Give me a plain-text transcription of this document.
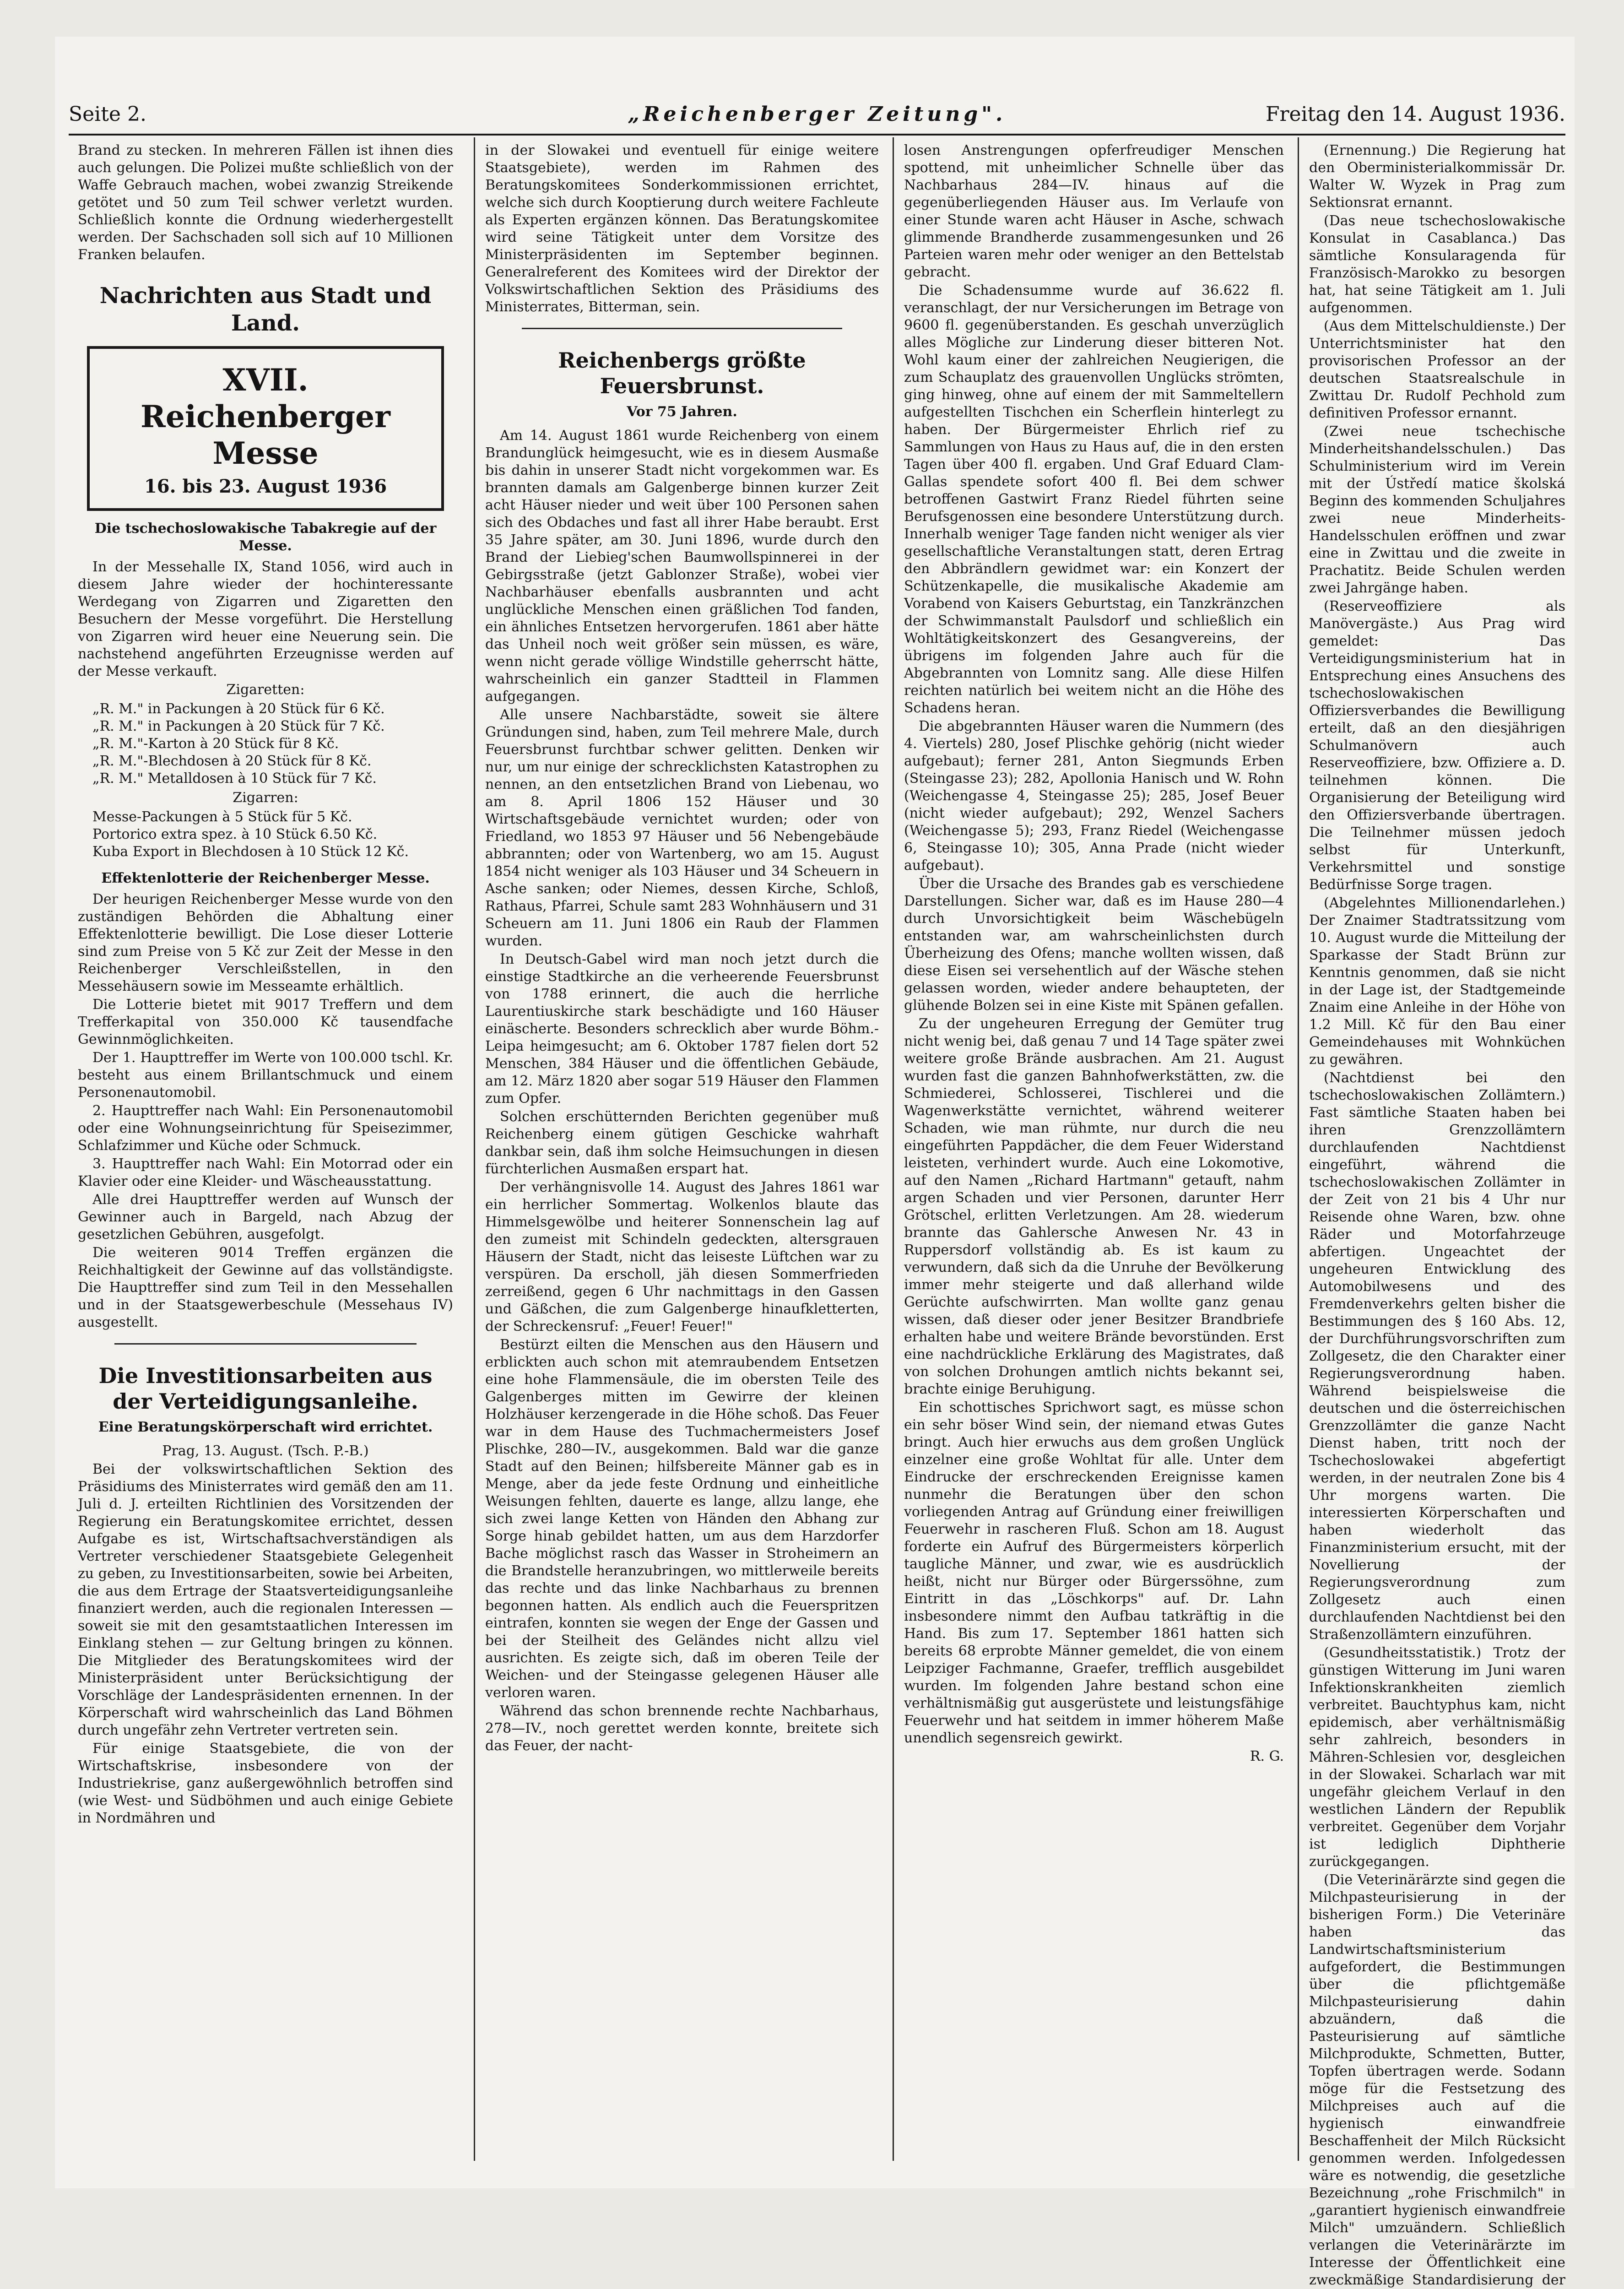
Seite 2.	„Reichenberger Zeitung".	Freitag den 14. August 1936.

Brand zu stecken. In mehreren Fällen ist ihnen dies auch gelungen. Die Polizei mußte schließlich von der Waffe Gebrauch machen, wobei zwanzig Streikende getötet und 50 zum Teil schwer verletzt wurden. Schließlich konnte die Ordnung wiederhergestellt werden. Der Sachschaden soll sich auf 10 Millionen Franken belaufen.

Nachrichten aus Stadt und Land.
XVII. Reichenberger Messe
16. bis 23. August 1936
Die tschechoslowakische Tabakregie auf der Messe.

In der Messehalle IX, Stand 1056, wird auch in diesem Jahre wieder der hochinteressante Werdegang von Zigarren und Zigaretten den Besuchern der Messe vorgeführt. Die Herstellung von Zigarren wird heuer eine Neuerung sein. Die nachstehend angeführten Erzeugnisse werden auf der Messe verkauft.

Zigaretten:

„R. M." in Packungen à 20 Stück für 6 Kč.
„R. M." in Packungen à 20 Stück für 7 Kč.
„R. M."-Karton à 20 Stück für 8 Kč.
„R. M."-Blechdosen à 20 Stück für 8 Kč.
„R. M." Metalldosen à 10 Stück für 7 Kč.

Zigarren:

Messe-Packungen à 5 Stück für 5 Kč.
Portorico extra spez. à 10 Stück 6.50 Kč.
Kuba Export in Blechdosen à 10 Stück 12 Kč.
Effektenlotterie der Reichenberger Messe.

Der heurigen Reichenberger Messe wurde von den zuständigen Behörden die Abhaltung einer Effektenlotterie bewilligt. Die Lose dieser Lotterie sind zum Preise von 5 Kč zur Zeit der Messe in den Reichenberger Verschleißstellen, in den Messehäusern sowie im Messeamte erhältlich.

Die Lotterie bietet mit 9017 Treffern und dem Trefferkapital von 350.000 Kč tausendfache Gewinnmöglichkeiten.

Der 1. Haupttreffer im Werte von 100.000 tschl. Kr. besteht aus einem Brillantschmuck und einem Personenautomobil.

2. Haupttreffer nach Wahl: Ein Personenautomobil oder eine Wohnungseinrichtung für Speisezimmer, Schlafzimmer und Küche oder Schmuck.

3. Haupttreffer nach Wahl: Ein Motorrad oder ein Klavier oder eine Kleider- und Wäscheausstattung.

Alle drei Haupttreffer werden auf Wunsch der Gewinner auch in Bargeld, nach Abzug der gesetzlichen Gebühren, ausgefolgt.

Die weiteren 9014 Treffen ergänzen die Reichhaltigkeit der Gewinne auf das vollständigste. Die Haupttreffer sind zum Teil in den Messehallen und in der Staatsgewerbeschule (Messehaus IV) ausgestellt.

Die Investitionsarbeiten aus der Verteidigungsanleihe.
Eine Beratungskörperschaft wird errichtet.

Prag, 13. August. (Tsch. P.-B.)

Bei der volkswirtschaftlichen Sektion des Präsidiums des Ministerrates wird gemäß den am 11. Juli d. J. erteilten Richtlinien des Vorsitzenden der Regierung ein Beratungskomitee errichtet, dessen Aufgabe es ist, Wirtschaftsachverständigen als Vertreter verschiedener Staatsgebiete Gelegenheit zu geben, zu Investitionsarbeiten, sowie bei Arbeiten, die aus dem Ertrage der Staatsverteidigungsanleihe finanziert werden, auch die regionalen Interessen — soweit sie mit den gesamtstaatlichen Interessen im Einklang stehen — zur Geltung bringen zu können. Die Mitglieder des Beratungskomitees wird der Ministerpräsident unter Berücksichtigung der Vorschläge der Landespräsidenten ernennen. In der Körperschaft wird wahrscheinlich das Land Böhmen durch ungefähr zehn Vertreter vertreten sein.

Für einige Staatsgebiete, die von der Wirtschaftskrise, insbesondere von der Industriekrise, ganz außergewöhnlich betroffen sind (wie West- und Südböhmen und auch einige Gebiete in Nordmähren und

in der Slowakei und eventuell für einige weitere Staatsgebiete), werden im Rahmen des Beratungskomitees Sonderkommissionen errichtet, welche sich durch Kooptierung durch weitere Fachleute als Experten ergänzen können. Das Beratungskomitee wird seine Tätigkeit unter dem Vorsitze des Ministerpräsidenten im September beginnen. Generalreferent des Komitees wird der Direktor der Volkswirtschaftlichen Sektion des Präsidiums des Ministerrates, Bitterman, sein.

Reichenbergs größte Feuersbrunst.
Vor 75 Jahren.

Am 14. August 1861 wurde Reichenberg von einem Brandunglück heimgesucht, wie es in diesem Ausmaße bis dahin in unserer Stadt nicht vorgekommen war. Es brannten damals am Galgenberge binnen kurzer Zeit acht Häuser nieder und weit über 100 Personen sahen sich des Obdaches und fast all ihrer Habe beraubt. Erst 35 Jahre später, am 30. Juni 1896, wurde durch den Brand der Liebieg'schen Baumwollspinnerei in der Gebirgsstraße (jetzt Gablonzer Straße), wobei vier Nachbarhäuser ebenfalls ausbrannten und acht unglückliche Menschen einen gräßlichen Tod fanden, ein ähnliches Entsetzen hervorgerufen. 1861 aber hätte das Unheil noch weit größer sein müssen, es wäre, wenn nicht gerade völlige Windstille geherrscht hätte, wahrscheinlich ein ganzer Stadtteil in Flammen aufgegangen.

Alle unsere Nachbarstädte, soweit sie ältere Gründungen sind, haben, zum Teil mehrere Male, durch Feuersbrunst furchtbar schwer gelitten. Denken wir nur, um nur einige der schrecklichsten Katastrophen zu nennen, an den entsetzlichen Brand von Liebenau, wo am 8. April 1806 152 Häuser und 30 Wirtschaftsgebäude vernichtet wurden; oder von Friedland, wo 1853 97 Häuser und 56 Nebengebäude abbrannten; oder von Wartenberg, wo am 15. August 1854 nicht weniger als 103 Häuser und 34 Scheuern in Asche sanken; oder Niemes, dessen Kirche, Schloß, Rathaus, Pfarrei, Schule samt 283 Wohnhäusern und 31 Scheuern am 11. Juni 1806 ein Raub der Flammen wurden.

In Deutsch-Gabel wird man noch jetzt durch die einstige Stadtkirche an die verheerende Feuersbrunst von 1788 erinnert, die auch die herrliche Laurentiuskirche stark beschädigte und 160 Häuser einäscherte. Besonders schrecklich aber wurde Böhm.-Leipa heimgesucht; am 6. Oktober 1787 fielen dort 52 Menschen, 384 Häuser und die öffentlichen Gebäude, am 12. März 1820 aber sogar 519 Häuser den Flammen zum Opfer.

Solchen erschütternden Berichten gegenüber muß Reichenberg einem gütigen Geschicke wahrhaft dankbar sein, daß ihm solche Heimsuchungen in diesen fürchterlichen Ausmaßen erspart hat.

Der verhängnisvolle 14. August des Jahres 1861 war ein herrlicher Sommertag. Wolkenlos blaute das Himmelsgewölbe und heiterer Sonnenschein lag auf den zumeist mit Schindeln gedeckten, altersgrauen Häusern der Stadt, nicht das leiseste Lüftchen war zu verspüren. Da erscholl, jäh diesen Sommerfrieden zerreißend, gegen 6 Uhr nachmittags in den Gassen und Gäßchen, die zum Galgenberge hinaufkletterten, der Schreckensruf: „Feuer! Feuer!"

Bestürzt eilten die Menschen aus den Häusern und erblickten auch schon mit atemraubendem Entsetzen eine hohe Flammensäule, die im obersten Teile des Galgenberges mitten im Gewirre der kleinen Holzhäuser kerzengerade in die Höhe schoß. Das Feuer war in dem Hause des Tuchmachermeisters Josef Plischke, 280—IV., ausgekommen. Bald war die ganze Stadt auf den Beinen; hilfsbereite Männer gab es in Menge, aber da jede feste Ordnung und einheitliche Weisungen fehlten, dauerte es lange, allzu lange, ehe sich zwei lange Ketten von Händen den Abhang zur Sorge hinab gebildet hatten, um aus dem Harzdorfer Bache möglichst rasch das Wasser in Stroheimern an die Brandstelle heranzubringen, wo mittlerweile bereits das rechte und das linke Nachbarhaus zu brennen begonnen hatten. Als endlich auch die Feuerspritzen eintrafen, konnten sie wegen der Enge der Gassen und bei der Steilheit des Geländes nicht allzu viel ausrichten. Es zeigte sich, daß im oberen Teile der Weichen- und der Steingasse gelegenen Häuser alle verloren waren.

Während das schon brennende rechte Nachbarhaus, 278—IV., noch gerettet werden konnte, breitete sich das Feuer, der nacht-

losen Anstrengungen opferfreudiger Menschen spottend, mit unheimlicher Schnelle über das Nachbarhaus 284—IV. hinaus auf die gegenüberliegenden Häuser aus. Im Verlaufe von einer Stunde waren acht Häuser in Asche, schwach glimmende Brandherde zusammengesunken und 26 Parteien waren mehr oder weniger an den Bettelstab gebracht.

Die Schadensumme wurde auf 36.622 fl. veranschlagt, der nur Versicherungen im Betrage von 9600 fl. gegenüberstanden. Es geschah unverzüglich alles Mögliche zur Linderung dieser bitteren Not. Wohl kaum einer der zahlreichen Neugierigen, die zum Schauplatz des grauenvollen Unglücks strömten, ging hinweg, ohne auf einem der mit Sammeltellern aufgestellten Tischchen ein Scherflein hinterlegt zu haben. Der Bürgermeister Ehrlich rief zu Sammlungen von Haus zu Haus auf, die in den ersten Tagen über 400 fl. ergaben. Und Graf Eduard Clam-Gallas spendete sofort 400 fl. Bei dem schwer betroffenen Gastwirt Franz Riedel führten seine Berufsgenossen eine besondere Unterstützung durch. Innerhalb weniger Tage fanden nicht weniger als vier gesellschaftliche Veranstaltungen statt, deren Ertrag den Abbrändlern gewidmet war: ein Konzert der Schützenkapelle, die musikalische Akademie am Vorabend von Kaisers Geburtstag, ein Tanzkränzchen der Schwimmanstalt Paulsdorf und schließlich ein Wohltätigkeitskonzert des Gesangvereins, der übrigens im folgenden Jahre auch für die Abgebrannten von Lomnitz sang. Alle diese Hilfen reichten natürlich bei weitem nicht an die Höhe des Schadens heran.

Die abgebrannten Häuser waren die Nummern (des 4. Viertels) 280, Josef Plischke gehörig (nicht wieder aufgebaut); ferner 281, Anton Siegmunds Erben (Steingasse 23); 282, Apollonia Hanisch und W. Rohn (Weichengasse 4, Steingasse 25); 285, Josef Beuer (nicht wieder aufgebaut); 292, Wenzel Sachers (Weichengasse 5); 293, Franz Riedel (Weichengasse 6, Steingasse 10); 305, Anna Prade (nicht wieder aufgebaut).

Über die Ursache des Brandes gab es verschiedene Darstellungen. Sicher war, daß es im Hause 280—4 durch Unvorsichtigkeit beim Wäschebügeln entstanden war, am wahrscheinlichsten durch Überheizung des Ofens; manche wollten wissen, daß diese Eisen sei versehentlich auf der Wäsche stehen gelassen worden, wieder andere behaupteten, der glühende Bolzen sei in eine Kiste mit Spänen gefallen.

Zu der ungeheuren Erregung der Gemüter trug nicht wenig bei, daß genau 7 und 14 Tage später zwei weitere große Brände ausbrachen. Am 21. August wurden fast die ganzen Bahnhofwerkstätten, zw. die Schmiederei, Schlosserei, Tischlerei und die Wagenwerkstätte vernichtet, während weiterer Schaden, wie man rühmte, nur durch die neu eingeführten Pappdächer, die dem Feuer Widerstand leisteten, verhindert wurde. Auch eine Lokomotive, auf den Namen „Richard Hartmann" getauft, nahm argen Schaden und vier Personen, darunter Herr Grötschel, erlitten Verletzungen. Am 28. wiederum brannte das Gahlersche Anwesen Nr. 43 in Ruppersdorf vollständig ab. Es ist kaum zu verwundern, daß sich da die Unruhe der Bevölkerung immer mehr steigerte und daß allerhand wilde Gerüchte aufschwirrten. Man wollte ganz genau wissen, daß dieser oder jener Besitzer Brandbriefe erhalten habe und weitere Brände bevorstünden. Erst eine nachdrückliche Erklärung des Magistrates, daß von solchen Drohungen amtlich nichts bekannt sei, brachte einige Beruhigung.

Ein schottisches Sprichwort sagt, es müsse schon ein sehr böser Wind sein, der niemand etwas Gutes bringt. Auch hier erwuchs aus dem großen Unglück einzelner eine große Wohltat für alle. Unter dem Eindrucke der erschreckenden Ereignisse kamen nunmehr die Beratungen über den schon vorliegenden Antrag auf Gründung einer freiwilligen Feuerwehr in rascheren Fluß. Schon am 18. August forderte ein Aufruf des Bürgermeisters körperlich taugliche Männer, und zwar, wie es ausdrücklich heißt, nicht nur Bürger oder Bürgerssöhne, zum Eintritt in das „Löschkorps" auf. Dr. Lahn insbesondere nimmt den Aufbau tatkräftig in die Hand. Bis zum 17. September 1861 hatten sich bereits 68 erprobte Männer gemeldet, die von einem Leipziger Fachmanne, Graefer, trefflich ausgebildet wurden. Im folgenden Jahre bestand schon eine verhältnismäßig gut ausgerüstete und leistungsfähige Feuerwehr und hat seitdem in immer höherem Maße unendlich segensreich gewirkt.

R. G.

(Ernennung.) Die Regierung hat den Oberministerialkommissär Dr. Walter W. Wyzek in Prag zum Sektionsrat ernannt.

(Das neue tschechoslowakische Konsulat in Casablanca.) Das sämtliche Konsularagenda für Französisch-Marokko zu besorgen hat, hat seine Tätigkeit am 1. Juli aufgenommen.

(Aus dem Mittelschuldienste.) Der Unterrichtsminister hat den provisorischen Professor an der deutschen Staatsrealschule in Zwittau Dr. Rudolf Pechhold zum definitiven Professor ernannt.

(Zwei neue tschechische Minderheitshandelsschulen.) Das Schulministerium wird im Verein mit der Ústředí matice školská Beginn des kommenden Schuljahres zwei neue Minderheits-Handelsschulen eröffnen und zwar eine in Zwittau und die zweite in Prachatitz. Beide Schulen werden zwei Jahrgänge haben.

(Reserveoffiziere als Manövergäste.) Aus Prag wird gemeldet: Das Verteidigungsministerium hat in Entsprechung eines Ansuchens des tschechoslowakischen Offiziersverbandes die Bewilligung erteilt, daß an den diesjährigen Schulmanövern auch Reserveoffiziere, bzw. Offiziere a. D. teilnehmen können. Die Organisierung der Beteiligung wird den Offiziersverbande übertragen. Die Teilnehmer müssen jedoch selbst für Unterkunft, Verkehrsmittel und sonstige Bedürfnisse Sorge tragen.

(Abgelehntes Millionendarlehen.) Der Znaimer Stadtratssitzung vom 10. August wurde die Mitteilung der Sparkasse der Stadt Brünn zur Kenntnis genommen, daß sie nicht in der Lage ist, der Stadtgemeinde Znaim eine Anleihe in der Höhe von 1.2 Mill. Kč für den Bau einer Gemeindehauses mit Wohnküchen zu gewähren.

(Nachtdienst bei den tschechoslowakischen Zollämtern.) Fast sämtliche Staaten haben bei ihren Grenzzollämtern durchlaufenden Nachtdienst eingeführt, während die tschechoslowakischen Zollämter in der Zeit von 21 bis 4 Uhr nur Reisende ohne Waren, bzw. ohne Räder und Motorfahrzeuge abfertigen. Ungeachtet der ungeheuren Entwicklung des Automobilwesens und des Fremdenverkehrs gelten bisher die Bestimmungen des § 160 Abs. 12, der Durchführungsvorschriften zum Zollgesetz, die den Charakter einer Regierungsverordnung haben. Während beispielsweise die deutschen und die österreichischen Grenzzollämter die ganze Nacht Dienst haben, tritt noch der Tschechoslowakei abgefertigt werden, in der neutralen Zone bis 4 Uhr morgens warten. Die interessierten Körperschaften und haben wiederholt das Finanzministerium ersucht, mit der Novellierung der Regierungsverordnung zum Zollgesetz auch einen durchlaufenden Nachtdienst bei den Straßenzollämtern einzuführen.

(Gesundheitsstatistik.) Trotz der günstigen Witterung im Juni waren Infektionskrankheiten ziemlich verbreitet. Bauchtyphus kam, nicht epidemisch, aber verhältnismäßig sehr zahlreich, besonders in Mähren-Schlesien vor, desgleichen in der Slowakei. Scharlach war mit ungefähr gleichem Verlauf in den westlichen Ländern der Republik verbreitet. Gegenüber dem Vorjahr ist lediglich Diphtherie zurückgegangen.

(Die Veterinärärzte sind gegen die Milchpasteurisierung in der bisherigen Form.) Die Veterinäre haben das Landwirtschaftsministerium aufgefordert, die Bestimmungen über die pflichtgemäße Milchpasteurisierung dahin abzuändern, daß die Pasteurisierung auf sämtliche Milchprodukte, Schmetten, Butter, Topfen übertragen werde. Sodann möge für die Festsetzung des Milchpreises auch auf die hygienisch einwandfreie Beschaffenheit der Milch Rücksicht genommen werden. Infolgedessen wäre es notwendig, die gesetzliche Bezeichnung „rohe Frischmilch" in „garantiert hygienisch einwandfreie Milch" umzuändern. Schließlich verlangen die Veterinärärzte im Interesse der Öffentlichkeit eine zweckmäßige Standardisierung der
